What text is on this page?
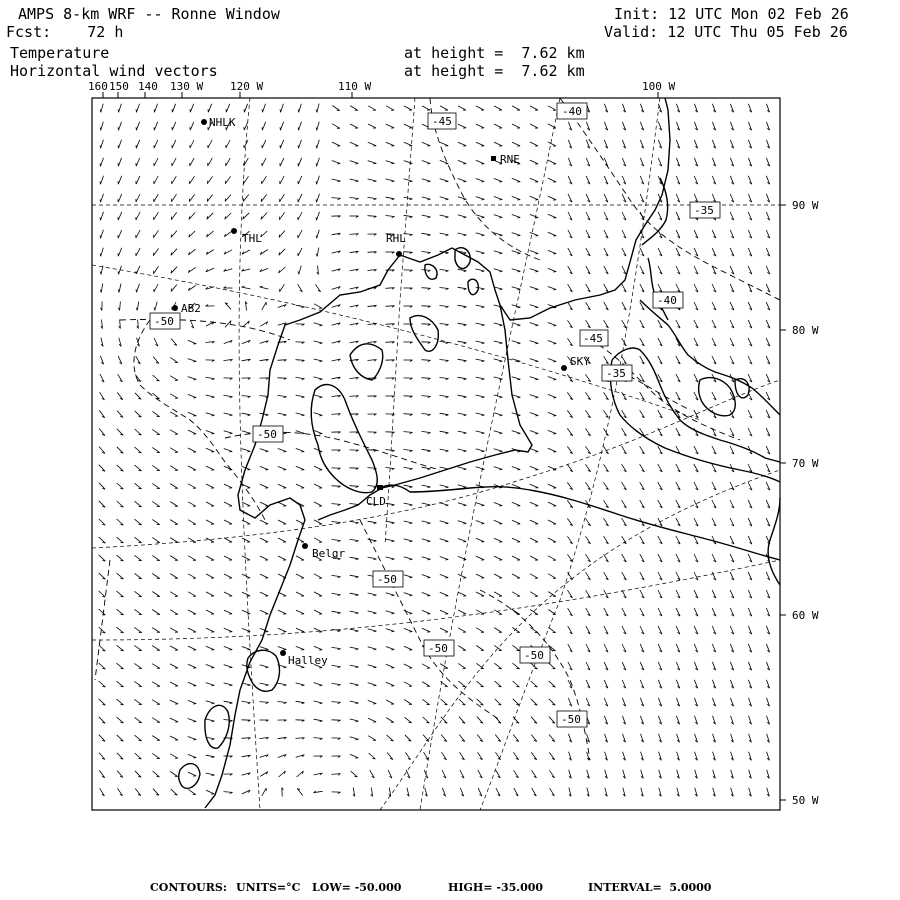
AMPS 8-km WRF -- Ronne Window
Fcst:    72 h
Init: 12 UTC Mon 02 Feb 26
Valid: 12 UTC Thu 05 Feb 26
Temperature
Horizontal wind vectors
at height =  7.62 km
at height =  7.62 km
160 150 140 130 W 120 W	110 W	100 W
90 W
80 W
70 W
60 W
50 W
NHLK
RNE
THL	RHL
AB2
SKY
CLD
Belgr
Halley
-45
-40
-35
-40
-50
-45
-35
-50
-50
-50
-50
-50
CONTOURS: UNITS=°C LOW= -50.000	HIGH= -35.000	INTERVAL=  5.0000
